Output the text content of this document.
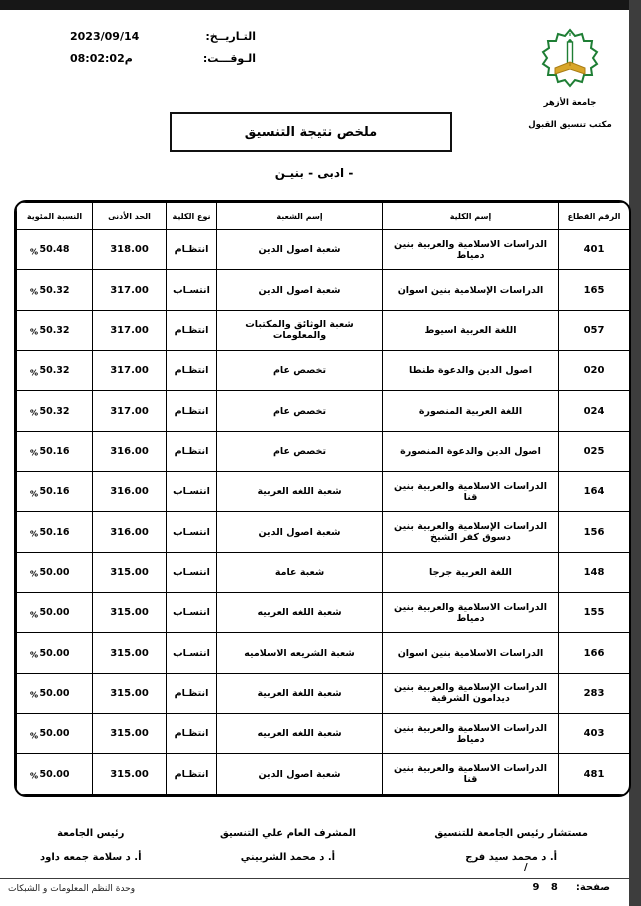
التـاريــخ:
2023/09/14
الـوقـــت:
08:02:02م
جامعة الأزهر
مكتب تنسيق القبول
ملخص نتيجة التنسيق
- ادبى - بنيـن
الرقم القطاع	إسم الكلية	إسم الشعبة	نوع الكلية	الحد الأدنى	النسبة المئوية
401	الدراسات الاسلامية والعربية بنين دمياط	شعبة اصول الدين	انتظـام	318.00	50.48
%

165	الدراسات الإسلامية بنين اسوان	شعبة اصول الدين	انتسـاب	317.00	50.32
%

057	اللغة العربية اسيوط	شعبة الوثائق والمكتبات والمعلومات	انتظـام	317.00	50.32
%

020	اصول الدين والدعوة طنطا	تخصص عام	انتظـام	317.00	50.32
%

024	اللغة العربية المنصورة	تخصص عام	انتظـام	317.00	50.32
%

025	اصول الدين والدعوة المنصورة	تخصص عام	انتظـام	316.00	50.16
%

164	الدراسات الاسلامية والعربية بنين قنا	شعبة اللغه العربية	انتسـاب	316.00	50.16
%

156	الدراسات الإسلامية والعربية بنين دسوق كفر الشيخ	شعبة اصول الدين	انتسـاب	316.00	50.16
%

148	اللغة العربية جرجا	شعبة عامة	انتسـاب	315.00	50.00
%

155	الدراسات الاسلامية والعربية بنين دمياط	شعبة اللغه العربيه	انتسـاب	315.00	50.00
%

166	الدراسات الاسلامية بنين اسوان	شعبة الشريعه الاسلاميه	انتسـاب	315.00	50.00
%

283	الدراسات الإسلامية والعربية بنين ديدامون الشرقية	شعبة اللغة العربية	انتظـام	315.00	50.00
%

403	الدراسات الاسلامية والعربية بنين دمياط	شعبة اللغه العربيه	انتظـام	315.00	50.00
%

481	الدراسات الاسلامية والعربية بنين قنا	شعبة اصول الدين	انتظـام	315.00	50.00
%
مستشار رئيس الجامعة للتنسيق
أ. د محمد سيد فرج
المشرف العام علي التنسيق
أ. د محمد الشربيني
رئيس الجامعة
أ. د سلامة جمعه داود
/
صفحة:
9 8
وحدة النظم المعلومات و الشبكات
